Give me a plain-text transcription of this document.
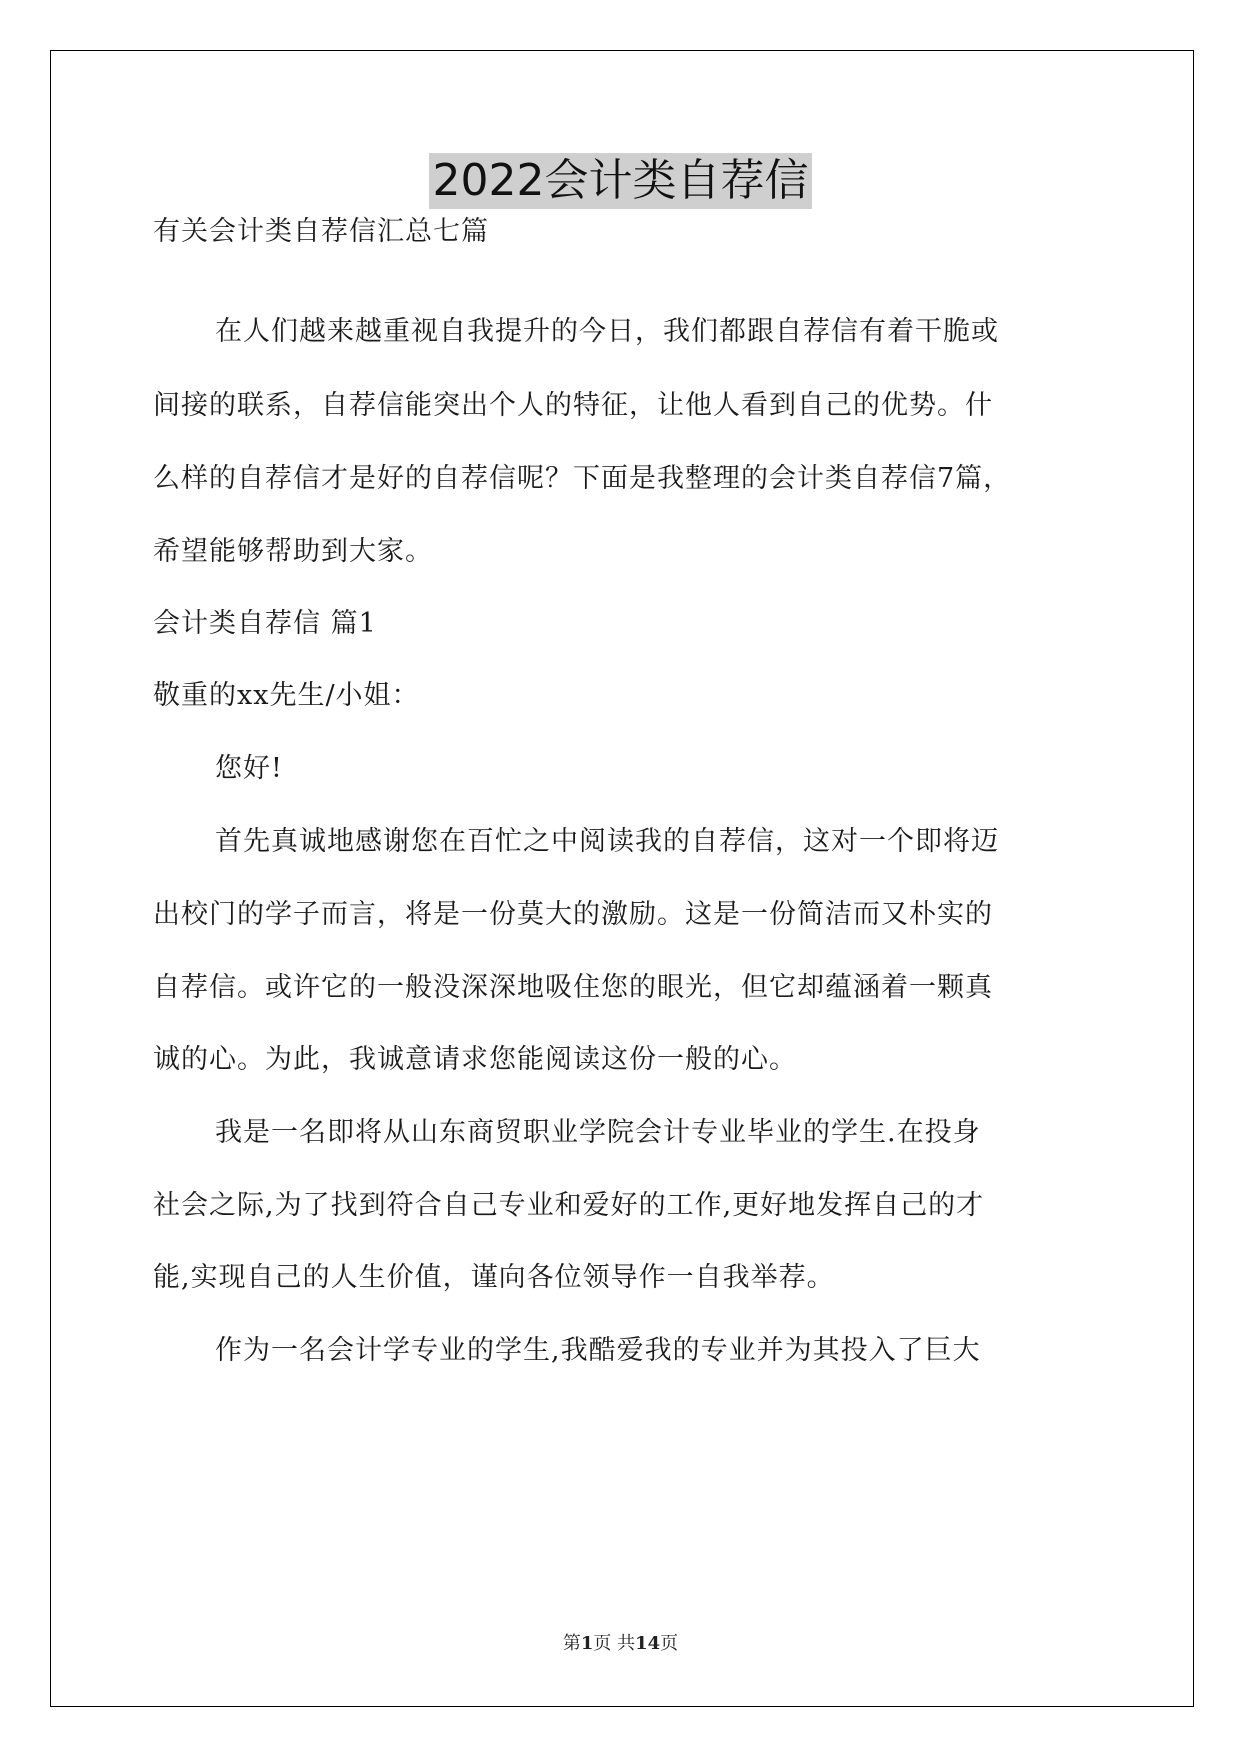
2022会计类自荐信
有关会计类自荐信汇总七篇
在人们越来越重视自我提升的今日，我们都跟自荐信有着干脆或
间接的联系，自荐信能突出个人的特征，让他人看到自己的优势。什
么样的自荐信才是好的自荐信呢？下面是我整理的会计类自荐信7篇，
希望能够帮助到大家。
会计类自荐信 篇1
敬重的xx先生/小姐：
您好!
首先真诚地感谢您在百忙之中阅读我的自荐信，这对一个即将迈
出校门的学子而言，将是一份莫大的激励。这是一份简洁而又朴实的
自荐信。或许它的一般没深深地吸住您的眼光，但它却蕴涵着一颗真
诚的心。为此，我诚意请求您能阅读这份一般的心。
我是一名即将从山东商贸职业学院会计专业毕业的学生.在投身
社会之际,为了找到符合自己专业和爱好的工作,更好地发挥自己的才
能,实现自己的人生价值，谨向各位领导作一自我举荐。
作为一名会计学专业的学生,我酷爱我的专业并为其投入了巨大
第1页 共14页
